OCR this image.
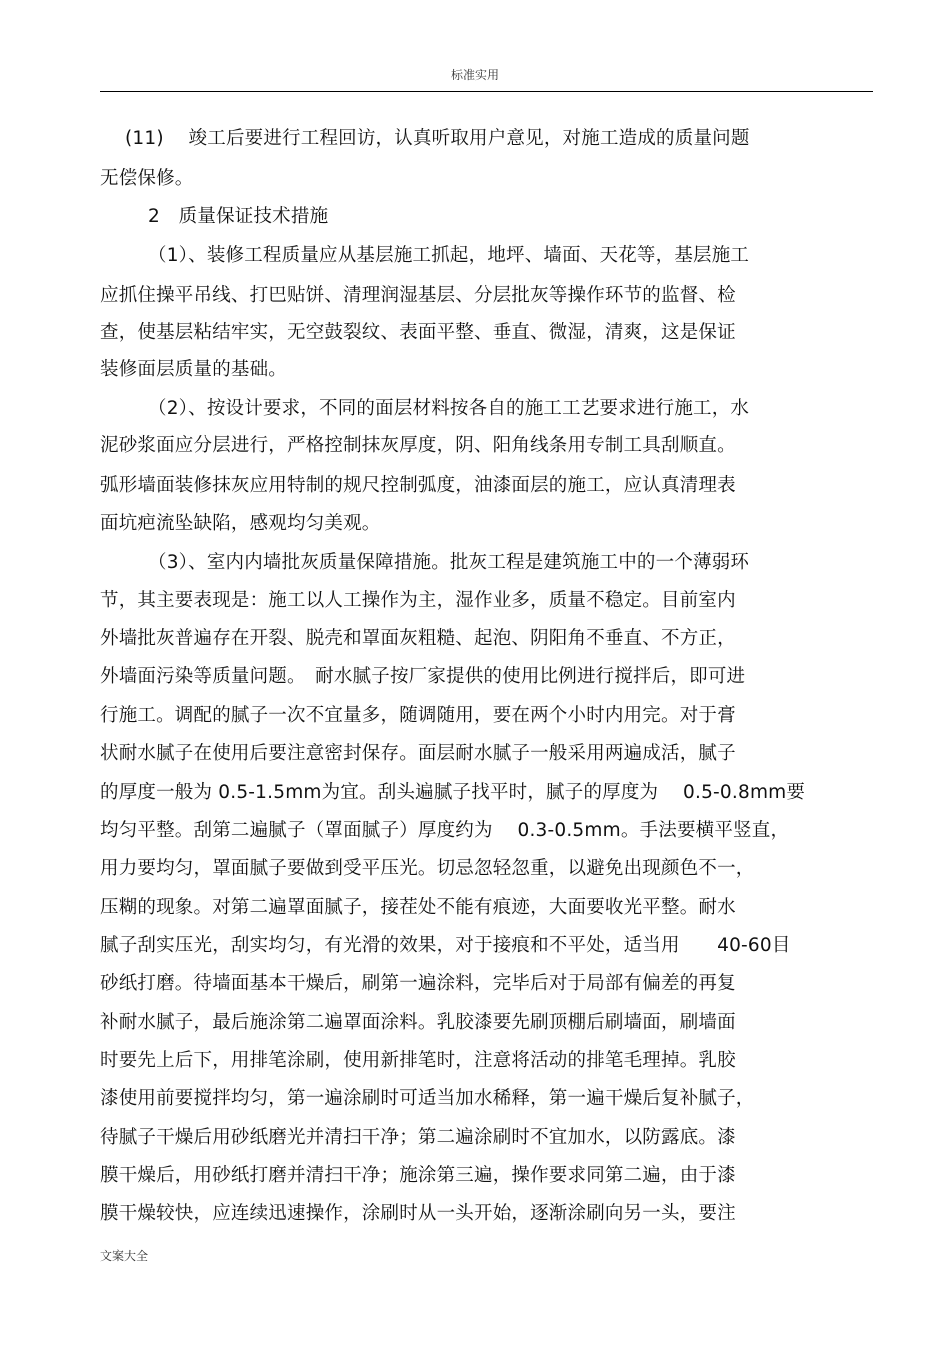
标准实用
(11)　 竣工后要进行工程回访，认真听取用户意见，对施工造成的质量问题
无偿保修。
2　质量保证技术措施
（1）、装修工程质量应从基层施工抓起，地坪、墙面、天花等，基层施工
应抓住操平吊线、打巴贴饼、清理润湿基层、分层批灰等操作环节的监督、检
查，使基层粘结牢实，无空鼓裂纹、表面平整、垂直、微湿，清爽，这是保证
装修面层质量的基础。
（2）、按设计要求，不同的面层材料按各自的施工工艺要求进行施工，水
泥砂浆面应分层进行，严格控制抹灰厚度，阴、阳角线条用专制工具刮顺直。
弧形墙面装修抹灰应用特制的规尺控制弧度，油漆面层的施工，应认真清理表
面坑疤流坠缺陷，感观均匀美观。
（3）、室内内墙批灰质量保障措施。批灰工程是建筑施工中的一个薄弱环
节，其主要表现是：施工以人工操作为主，湿作业多，质量不稳定。目前室内
外墙批灰普遍存在开裂、脱壳和罩面灰粗糙、起泡、阴阳角不垂直、不方正，
外墙面污染等质量问题。　耐水腻子按厂家提供的使用比例进行搅拌后，即可进
行施工。调配的腻子一次不宜量多，随调随用，要在两个小时内用完。对于膏
状耐水腻子在使用后要注意密封保存。面层耐水腻子一般采用两遍成活，腻子
的厚度一般为 0.5-1.5mm为宜。刮头遍腻子找平时，腻子的厚度为　 0.5-0.8mm要
均匀平整。刮第二遍腻子（罩面腻子）厚度约为　 0.3-0.5mm。手法要横平竖直，
用力要均匀，罩面腻子要做到受平压光。切忌忽轻忽重，以避免出现颜色不一，
压糊的现象。对第二遍罩面腻子，接茬处不能有痕迹，大面要收光平整。耐水
腻子刮实压光，刮实均匀，有光滑的效果，对于接痕和不平处，适当用　　40-60目
砂纸打磨。待墙面基本干燥后，刷第一遍涂料，完毕后对于局部有偏差的再复
补耐水腻子，最后施涂第二遍罩面涂料。乳胶漆要先刷顶棚后刷墙面，刷墙面
时要先上后下，用排笔涂刷，使用新排笔时，注意将活动的排笔毛理掉。乳胶
漆使用前要搅拌均匀，第一遍涂刷时可适当加水稀释，第一遍干燥后复补腻子，
待腻子干燥后用砂纸磨光并清扫干净；第二遍涂刷时不宜加水，以防露底。漆
膜干燥后，用砂纸打磨并清扫干净；施涂第三遍，操作要求同第二遍，由于漆
膜干燥较快，应连续迅速操作，涂刷时从一头开始，逐渐涂刷向另一头，要注
文案大全
